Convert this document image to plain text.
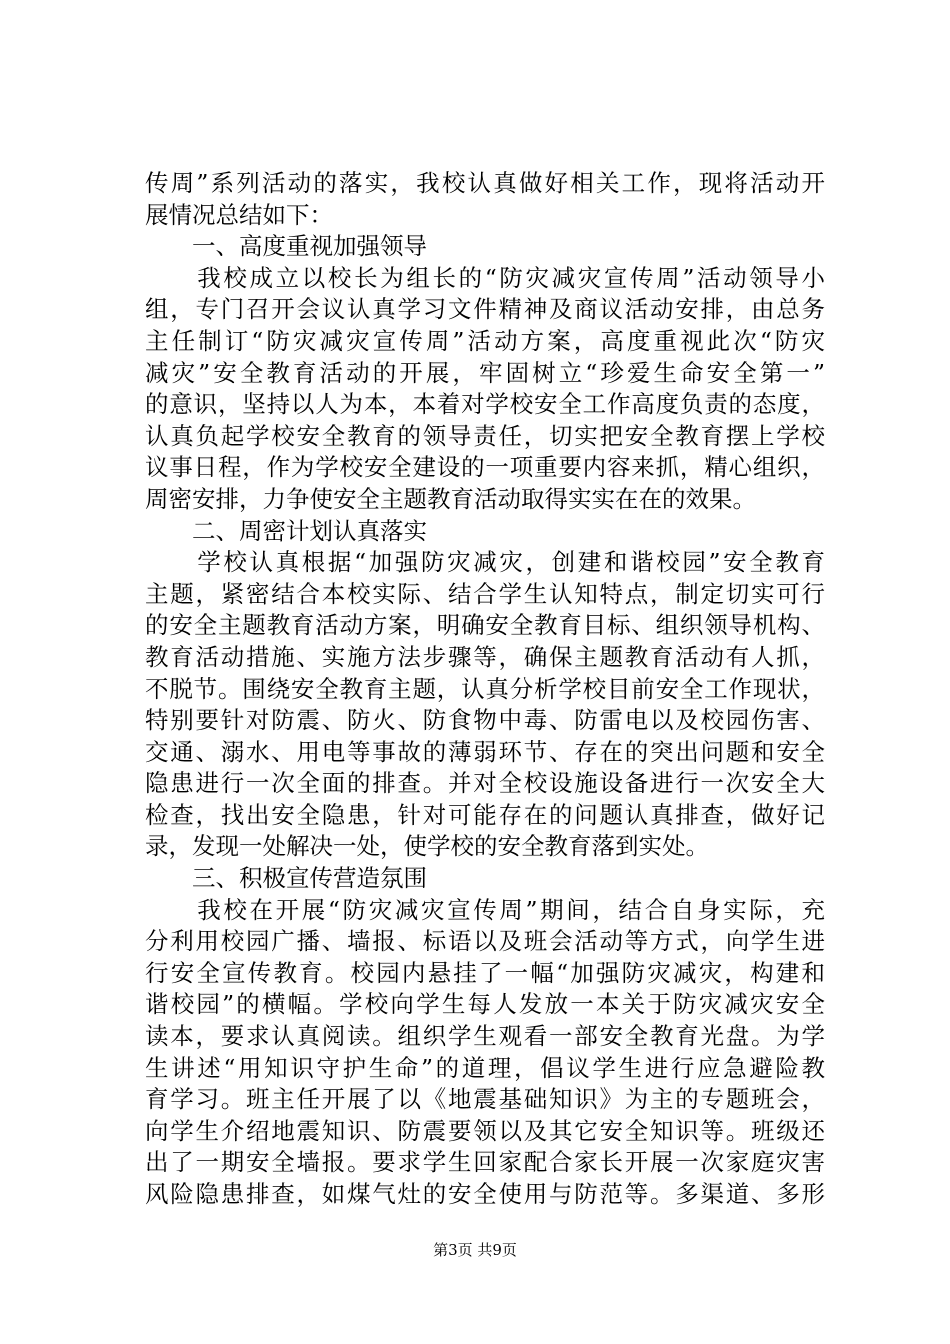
传周”系列活动的落实，我校认真做好相关工作，现将活动开
展情况总结如下：
　　一、高度重视加强领导
　　我校成立以校长为组长的“防灾减灾宣传周”活动领导小
组，专门召开会议认真学习文件精神及商议活动安排，由总务
主任制订“防灾减灾宣传周”活动方案，高度重视此次“防灾
减灾”安全教育活动的开展，牢固树立“珍爱生命安全第一”
的意识，坚持以人为本，本着对学校安全工作高度负责的态度，
认真负起学校安全教育的领导责任，切实把安全教育摆上学校
议事日程，作为学校安全建设的一项重要内容来抓，精心组织，
周密安排，力争使安全主题教育活动取得实实在在的效果。
　　二、周密计划认真落实
　　学校认真根据“加强防灾减灾，创建和谐校园”安全教育
主题，紧密结合本校实际、结合学生认知特点，制定切实可行
的安全主题教育活动方案，明确安全教育目标、组织领导机构、
教育活动措施、实施方法步骤等，确保主题教育活动有人抓，
不脱节。围绕安全教育主题，认真分析学校目前安全工作现状，
特别要针对防震、防火、防食物中毒、防雷电以及校园伤害、
交通、溺水、用电等事故的薄弱环节、存在的突出问题和安全
隐患进行一次全面的排查。并对全校设施设备进行一次安全大
检查，找出安全隐患，针对可能存在的问题认真排查，做好记
录，发现一处解决一处，使学校的安全教育落到实处。
　　三、积极宣传营造氛围
　　我校在开展“防灾减灾宣传周”期间，结合自身实际，充
分利用校园广播、墙报、标语以及班会活动等方式，向学生进
行安全宣传教育。校园内悬挂了一幅“加强防灾减灾，构建和
谐校园”的横幅。学校向学生每人发放一本关于防灾减灾安全
读本，要求认真阅读。组织学生观看一部安全教育光盘。为学
生讲述“用知识守护生命”的道理，倡议学生进行应急避险教
育学习。班主任开展了以《地震基础知识》为主的专题班会，
向学生介绍地震知识、防震要领以及其它安全知识等。班级还
出了一期安全墙报。要求学生回家配合家长开展一次家庭灾害
风险隐患排查，如煤气灶的安全使用与防范等。多渠道、多形
第3页 共9页
